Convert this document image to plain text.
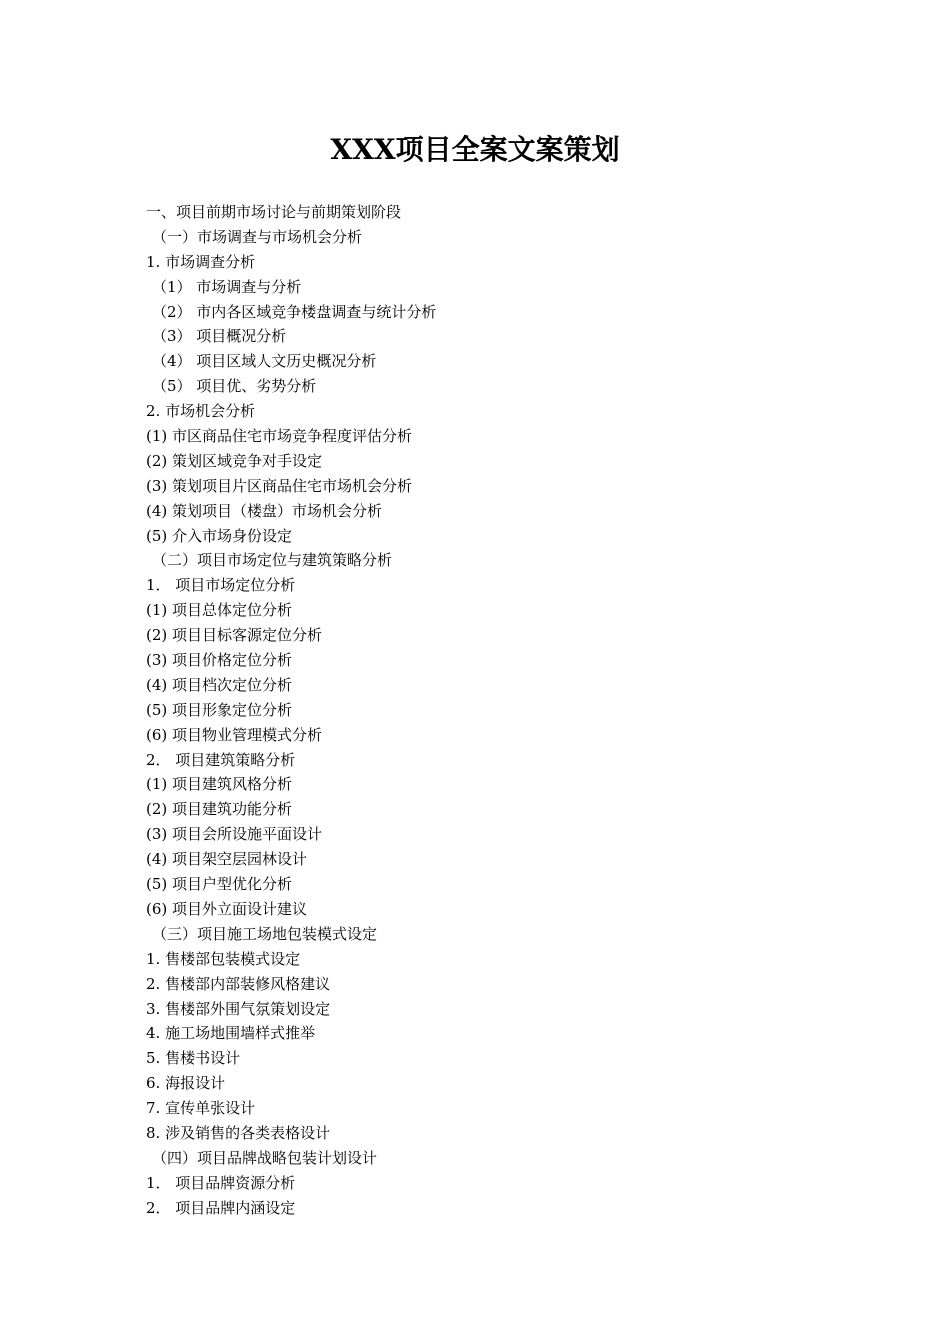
XXX项目全案文案策划
一、项目前期市场讨论与前期策划阶段
（一）市场调查与市场机会分析
1. 市场调查分析
（1） 市场调查与分析
（2） 市内各区域竞争楼盘调查与统计分析
（3） 项目概况分析
（4） 项目区域人文历史概况分析
（5） 项目优、劣势分析
2. 市场机会分析
(1) 市区商品住宅市场竞争程度评估分析
(2) 策划区域竞争对手设定
(3) 策划项目片区商品住宅市场机会分析
(4) 策划项目（楼盘）市场机会分析
(5) 介入市场身份设定
（二）项目市场定位与建筑策略分析
1． 项目市场定位分析
(1) 项目总体定位分析
(2) 项目目标客源定位分析
(3) 项目价格定位分析
(4) 项目档次定位分析
(5) 项目形象定位分析
(6) 项目物业管理模式分析
2． 项目建筑策略分析
(1) 项目建筑风格分析
(2) 项目建筑功能分析
(3) 项目会所设施平面设计
(4) 项目架空层园林设计
(5) 项目户型优化分析
(6) 项目外立面设计建议
（三）项目施工场地包装模式设定
1. 售楼部包装模式设定
2. 售楼部内部装修风格建议
3. 售楼部外围气氛策划设定
4. 施工场地围墙样式推举
5. 售楼书设计
6. 海报设计
7. 宣传单张设计
8. 涉及销售的各类表格设计
（四）项目品牌战略包装计划设计
1． 项目品牌资源分析
2． 项目品牌内涵设定
